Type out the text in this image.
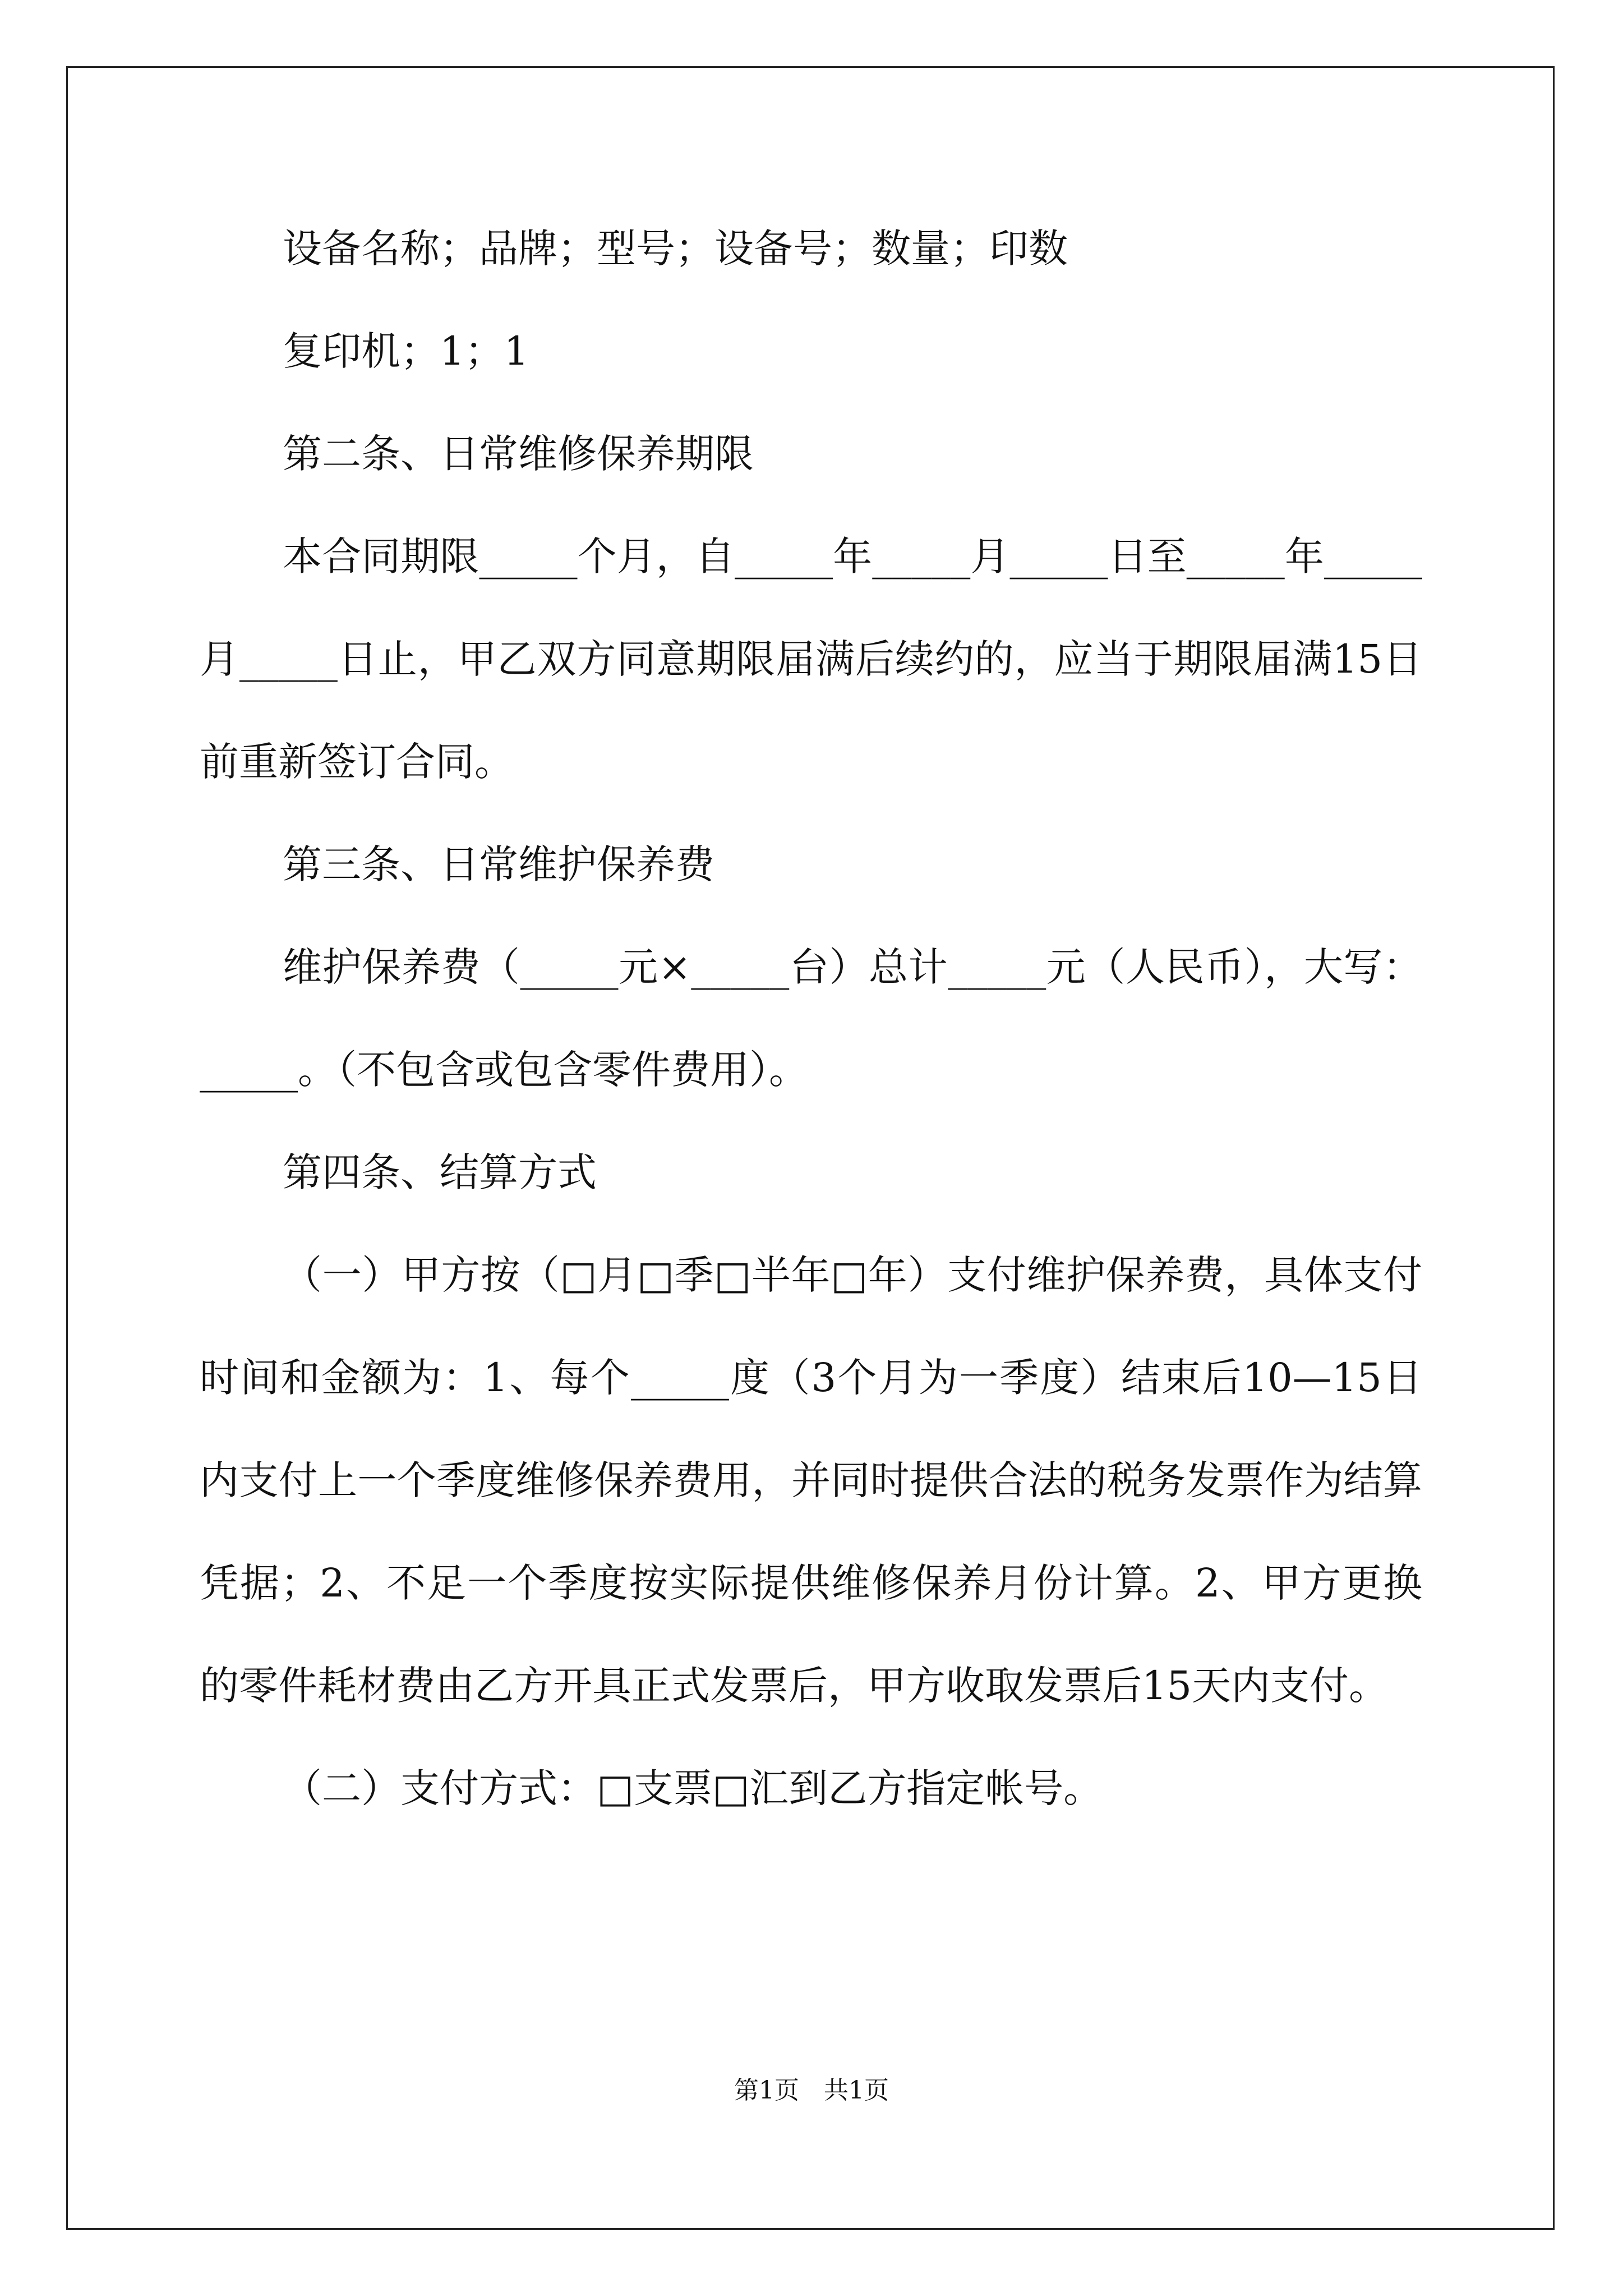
设备名称；品牌；型号；设备号；数量；印数

复印机；1；1

第二条、日常维修保养期限

本合同期限_____个月，自_____年_____月_____日至_____年_____月_____日止，甲乙双方同意期限届满后续约的，应当于期限届满15日前重新签订合同。

第三条、日常维护保养费

维护保养费（_____元×_____台）总计_____元（人民币），大写：_____。（不包含或包含零件费用）。

第四条、结算方式

（一）甲方按（□月□季□半年□年）支付维护保养费，具体支付时间和金额为：1、每个_____度（3个月为一季度）结束后10—15日内支付上一个季度维修保养费用，并同时提供合法的税务发票作为结算凭据；2、不足一个季度按实际提供维修保养月份计算。2、甲方更换的零件耗材费由乙方开具正式发票后，甲方收取发票后15天内支付。

（二）支付方式：□支票□汇到乙方指定帐号。

第1页　共1页
